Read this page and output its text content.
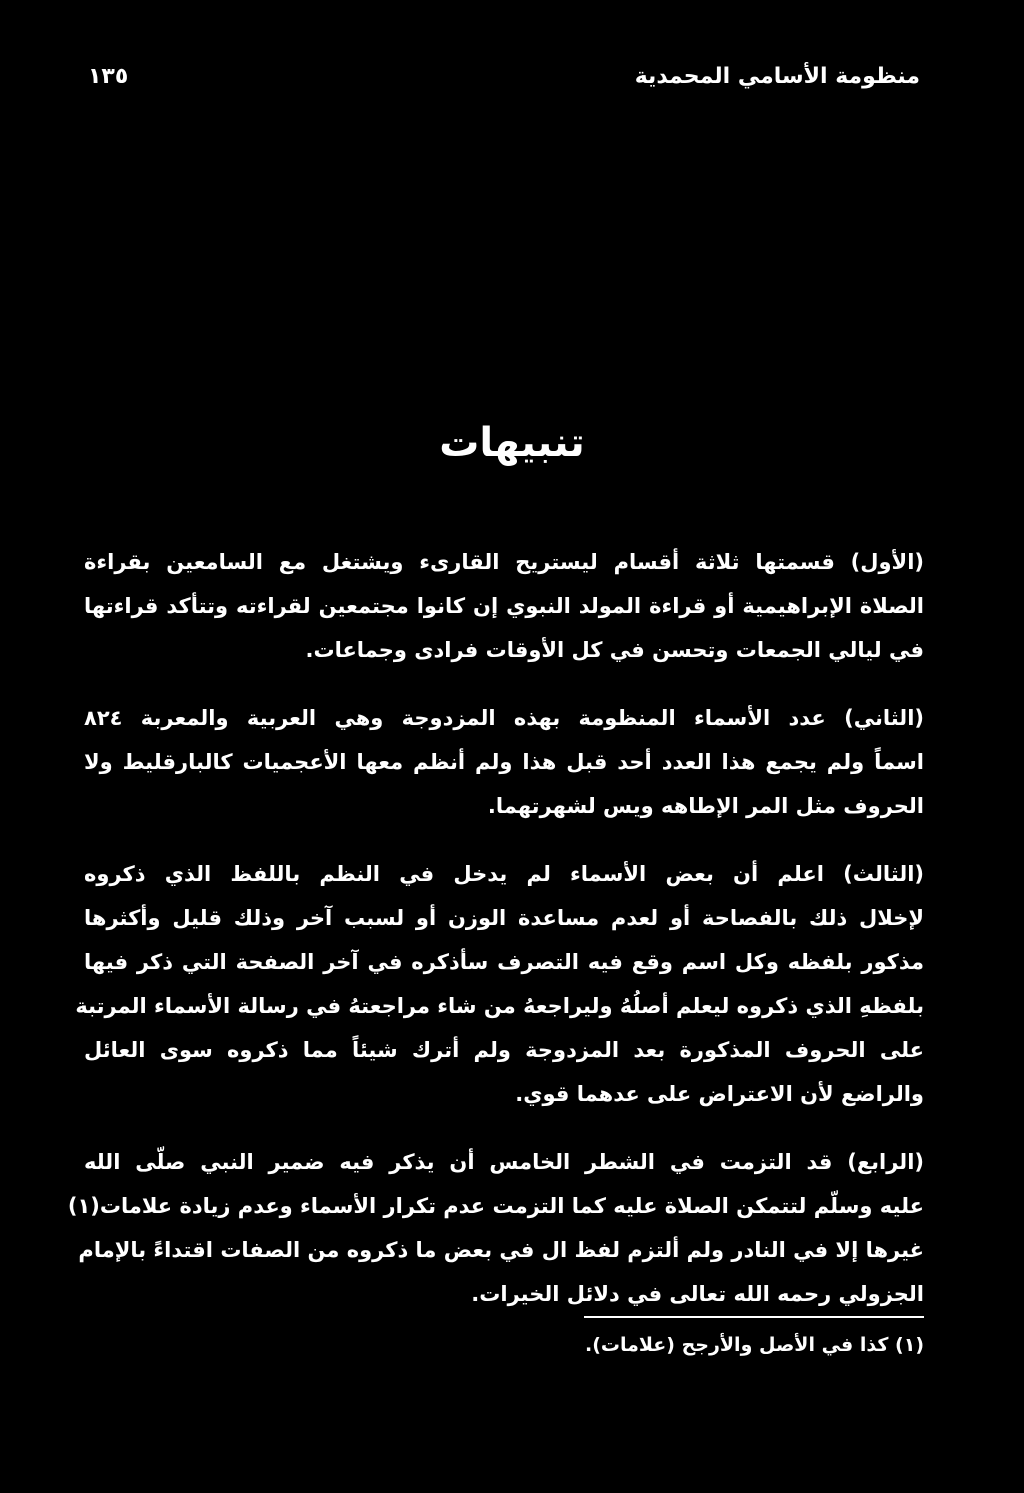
منظومة الأسامي المحمدية
١٣٥
تنبيهات
(الأول) قسمتها ثلاثة أقسام ليستريح القارىء ويشتغل مع السامعين بقراءة
الصلاة الإبراهيمية أو قراءة المولد النبوي إن كانوا مجتمعين لقراءته وتتأكد قراءتها
في ليالي الجمعات وتحسن في كل الأوقات فرادى وجماعات.
(الثاني) عدد الأسماء المنظومة بهذه المزدوجة وهي العربية والمعربة ٨٢٤
اسماً ولم يجمع هذا العدد أحد قبل هذا ولم أنظم معها الأعجميات كالبارقليط ولا
الحروف مثل المر الإطاهه ويس لشهرتهما.
(الثالث) اعلم أن بعض الأسماء لم يدخل في النظم باللفظ الذي ذكروه
لإخلال ذلك بالفصاحة أو لعدم مساعدة الوزن أو لسبب آخر وذلك قليل وأكثرها
مذكور بلفظه وكل اسم وقع فيه التصرف سأذكره في آخر الصفحة التي ذكر فيها
بلفظهِ الذي ذكروه ليعلم أصلُهُ وليراجعهُ من شاء مراجعتهُ في رسالة الأسماء المرتبة
على الحروف المذكورة بعد المزدوجة ولم أترك شيئاً مما ذكروه سوى العائل
والراضع لأن الاعتراض على عدهما قوي.
(الرابع) قد التزمت في الشطر الخامس أن يذكر فيه ضمير النبي صلّى الله
عليه وسلّم لتتمكن الصلاة عليه كما التزمت عدم تكرار الأسماء وعدم زيادة علامات(١)
غيرها إلا في النادر ولم ألتزم لفظ ال في بعض ما ذكروه من الصفات اقتداءً بالإمام
الجزولي رحمه الله تعالى في دلائل الخيرات.
(١) كذا في الأصل والأرجح (علامات).
